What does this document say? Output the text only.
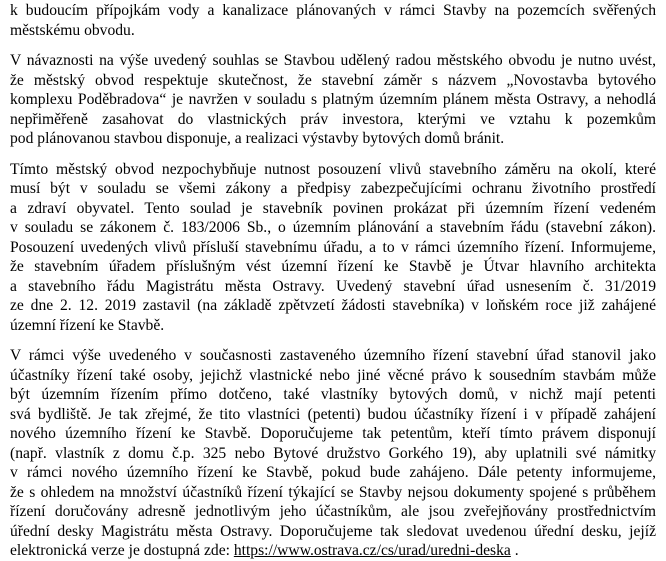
k budoucím přípojkám vody a kanalizace plánovaných v rámci Stavby na pozemcích svěřených
městskému obvodu.

V návaznosti na výše uvedený souhlas se Stavbou udělený radou městského obvodu je nutno uvést,
že městský obvod respektuje skutečnost, že stavební záměr s názvem „Novostavba bytového
komplexu Poděbradova“ je navržen v souladu s platným územním plánem města Ostravy, a nehodlá
nepřiměřeně zasahovat do vlastnických práv investora, kterými ve vztahu k pozemkům
pod plánovanou stavbou disponuje, a realizaci výstavby bytových domů bránit.

Tímto městský obvod nezpochybňuje nutnost posouzení vlivů stavebního záměru na okolí, které
musí být v souladu se všemi zákony a předpisy zabezpečujícími ochranu životního prostředí
a zdraví obyvatel. Tento soulad je stavebník povinen prokázat při územním řízení vedeném
v souladu se zákonem č. 183/2006 Sb., o územním plánování a stavebním řádu (stavební zákon).
Posouzení uvedených vlivů přísluší stavebnímu úřadu, a to v rámci územního řízení. Informujeme,
že stavebním úřadem příslušným vést územní řízení ke Stavbě je Útvar hlavního architekta
a stavebního řádu Magistrátu města Ostravy. Uvedený stavební úřad usnesením č. 31/2019
ze dne 2. 12. 2019 zastavil (na základě zpětvzetí žádosti stavebníka) v loňském roce již zahájené
územní řízení ke Stavbě.

V rámci výše uvedeného v současnosti zastaveného územního řízení stavební úřad stanovil jako
účastníky řízení také osoby, jejichž vlastnické nebo jiné věcné právo k sousedním stavbám může
být územním řízením přímo dotčeno, také vlastníky bytových domů, v nichž mají petenti
svá bydliště. Je tak zřejmé, že tito vlastníci (petenti) budou účastníky řízení i v případě zahájení
nového územního řízení ke Stavbě. Doporučujeme tak petentům, kteří tímto právem disponují
(např. vlastník z domu č.p. 325 nebo Bytové družstvo Gorkého 19), aby uplatnili své námitky
v rámci nového územního řízení ke Stavbě, pokud bude zahájeno. Dále petenty informujeme,
že s ohledem na množství účastníků řízení týkající se Stavby nejsou dokumenty spojené s průběhem
řízení doručovány adresně jednotlivým jeho účastníkům, ale jsou zveřejňovány prostřednictvím
úřední desky Magistrátu města Ostravy. Doporučujeme tak sledovat uvedenou úřední desku, jejíž
elektronická verze je dostupná zde: https://www.ostrava.cz/cs/urad/uredni-deska .
